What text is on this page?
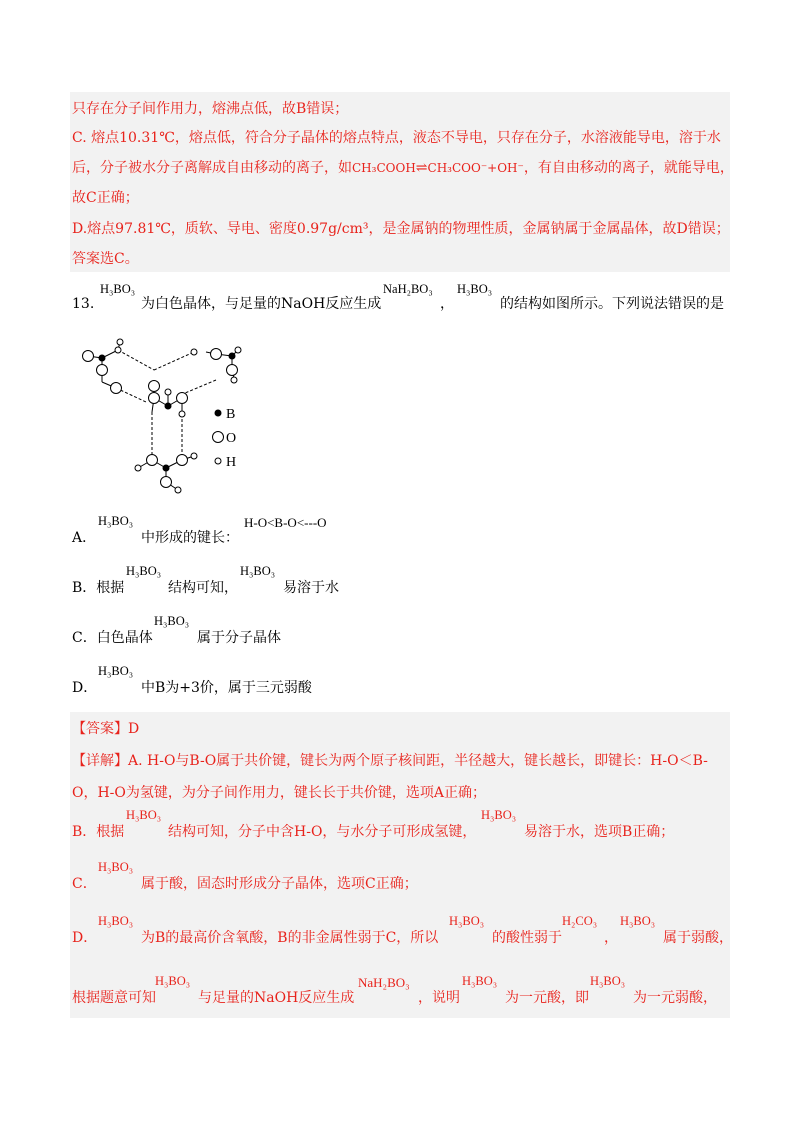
只存在分子间作用力，熔沸点低，故B错误；
C. 熔点10.31℃，熔点低，符合分子晶体的熔点特点，液态不导电，只存在分子，水溶液能导电，溶于水
后，分子被水分子离解成自由移动的离子，如CH₃COOH⇌CH₃COO⁻+OH⁻，有自由移动的离子，就能导电，
故C正确；
D.熔点97.81℃，质软、导电、密度0.97g/cm³，是金属钠的物理性质，金属钠属于金属晶体，故D错误；
答案选C。
13.
H₃BO₃
为白色晶体，与足量的NaOH反应生成
NaH₂BO₃
，
H₃BO₃
的结构如图所示。下列说法错误的是
B
O
H
A．
H₃BO₃
中形成的键长：
H-O<B-O<---O
B．根据
H₃BO₃
结构可知，
H₃BO₃
易溶于水
C．白色晶体
H₃BO₃
属于分子晶体
D．
H₃BO₃
中B为+3价，属于三元弱酸
【答案】D
【详解】A. H-O与B-O属于共价键，键长为两个原子核间距，半径越大，键长越长，即键长：H-O＜B-
O，H-O为氢键，为分子间作用力，键长长于共价键，选项A正确；
B．根据
H₃BO₃
结构可知，分子中含H-O，与水分子可形成氢键，
H₃BO₃
易溶于水，选项B正确；
C．
H₃BO₃
属于酸，固态时形成分子晶体，选项C正确；
D．
H₃BO₃
为B的最高价含氧酸，B的非金属性弱于C，所以
H₃BO₃
的酸性弱于
H₂CO₃
，
H₃BO₃
属于弱酸，
根据题意可知
H₃BO₃
与足量的NaOH反应生成
NaH₂BO₃
，说明
H₃BO₃
为一元酸，即
H₃BO₃
为一元弱酸，
